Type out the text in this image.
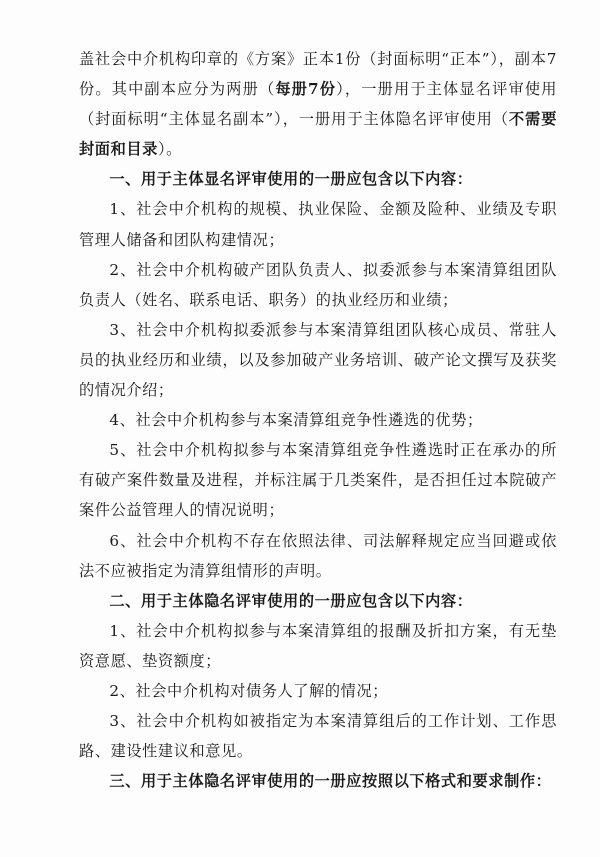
盖社会中介机构印章的《方案》正本1份（封面标明“正本”），副本7份。其中副本应分为两册（每册7份），一册用于主体显名评审使用（封面标明“主体显名副本”），一册用于主体隐名评审使用（不需要封面和目录）。

一、用于主体显名评审使用的一册应包含以下内容：

1、社会中介机构的规模、执业保险、金额及险种、业绩及专职管理人储备和团队构建情况；

2、社会中介机构破产团队负责人、拟委派参与本案清算组团队负责人（姓名、联系电话、职务）的执业经历和业绩；

3、社会中介机构拟委派参与本案清算组团队核心成员、常驻人员的执业经历和业绩，以及参加破产业务培训、破产论文撰写及获奖的情况介绍；

4、社会中介机构参与本案清算组竞争性遴选的优势；

5、社会中介机构拟参与本案清算组竞争性遴选时正在承办的所有破产案件数量及进程，并标注属于几类案件，是否担任过本院破产案件公益管理人的情况说明；

6、社会中介机构不存在依照法律、司法解释规定应当回避或依法不应被指定为清算组情形的声明。

二、用于主体隐名评审使用的一册应包含以下内容：

1、社会中介机构拟参与本案清算组的报酬及折扣方案，有无垫资意愿、垫资额度；

2、社会中介机构对债务人了解的情况；

3、社会中介机构如被指定为本案清算组后的工作计划、工作思路、建设性建议和意见。

三、用于主体隐名评审使用的一册应按照以下格式和要求制作：
